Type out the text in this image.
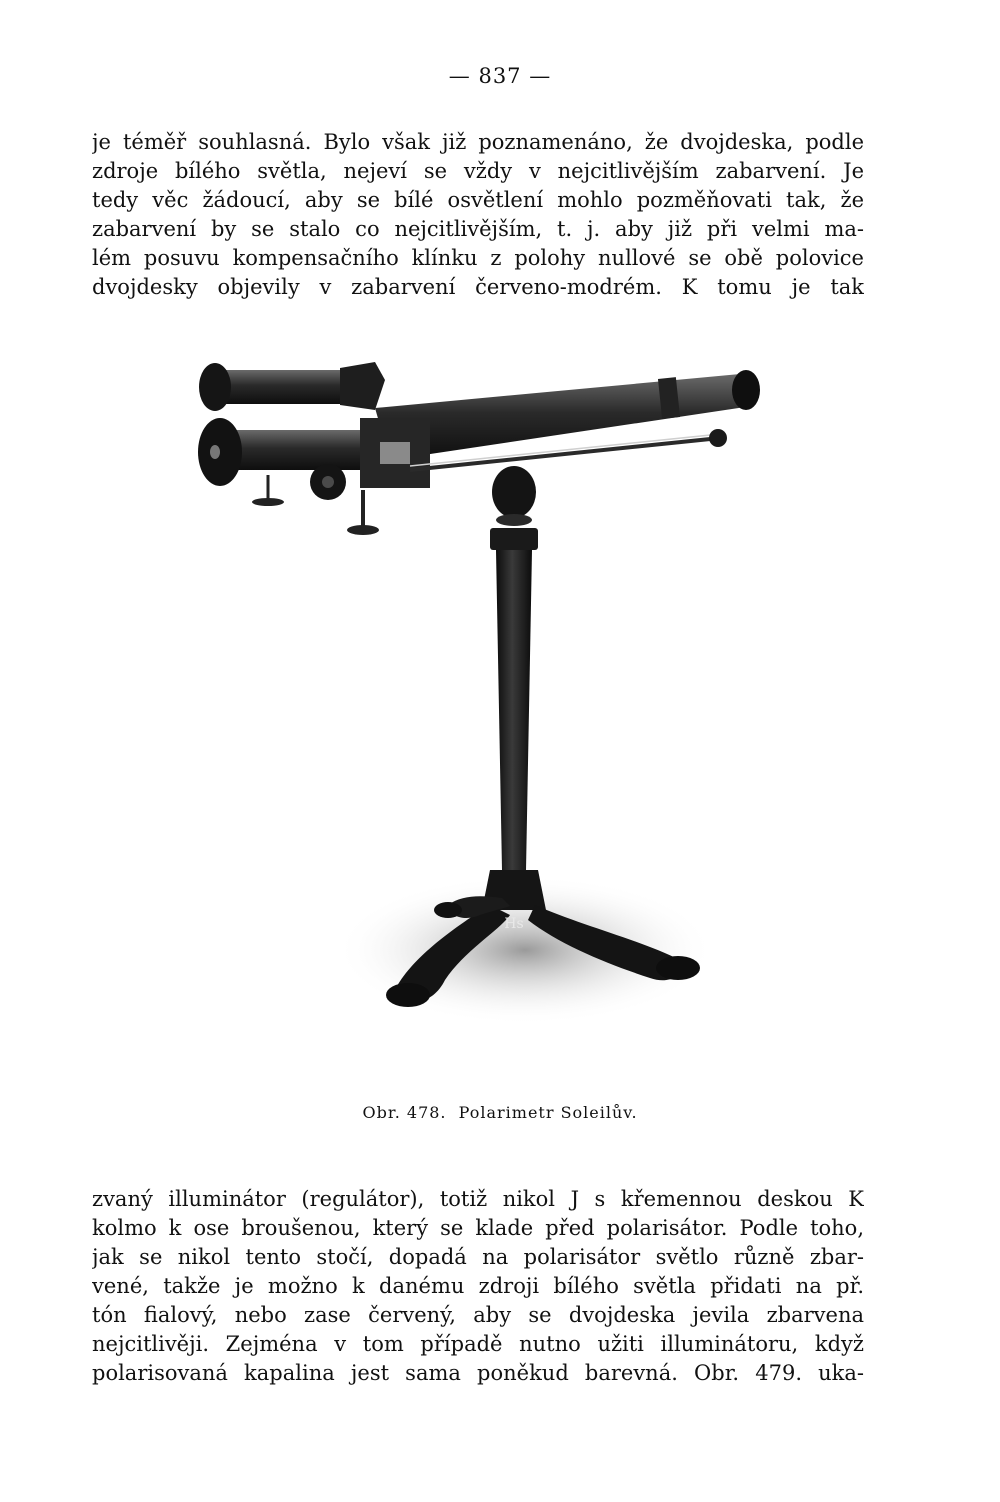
— 837 —
je téměř souhlasná. Bylo však již poznamenáno, že dvojdeska, podle
zdroje bílého světla, nejeví se vždy v nejcitlivějším zabarvení. Je
tedy věc žádoucí, aby se bílé osvětlení mohlo pozměňovati tak, že
zabarvení by se stalo co nejcitlivějším, t. j. aby již při velmi ma-
lém posuvu kompensačního klínku z polohy nullové se obě polovice
dvojdesky objevily v zabarvení červeno-modrém. K tomu je tak
Hs
Obr. 478. Polarimetr Soleilův.
zvaný illuminátor (regulátor), totiž nikol J s křemennou deskou K
kolmo k ose broušenou, který se klade před polarisátor. Podle toho,
jak se nikol tento stočí, dopadá na polarisátor světlo různě zbar-
vené, takže je možno k danému zdroji bílého světla přidati na př.
tón fialový, nebo zase červený, aby se dvojdeska jevila zbarvena
nejcitlivěji. Zejména v tom případě nutno užiti illuminátoru, když
polarisovaná kapalina jest sama poněkud barevná. Obr. 479. uka-
